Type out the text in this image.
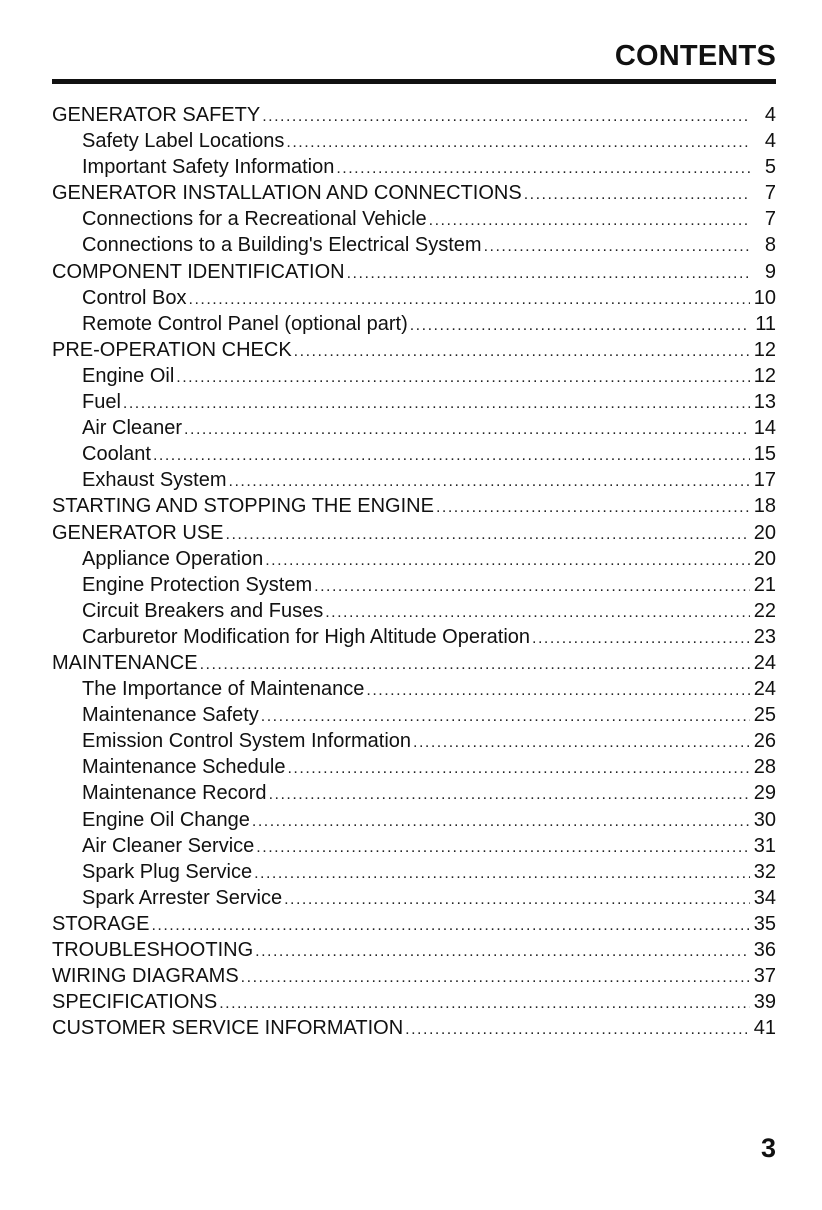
CONTENTS
GENERATOR SAFETY .....	4
Safety Label Locations .....	4
Important Safety Information .....	5
GENERATOR INSTALLATION AND CONNECTIONS .....	7
Connections for a Recreational Vehicle .....	7
Connections to a Building's Electrical System .....	8
COMPONENT IDENTIFICATION .....	9
Control Box .....	10
Remote Control Panel (optional part) .....	11
PRE-OPERATION CHECK .....	12
Engine Oil .....	12
Fuel .....	13
Air Cleaner .....	14
Coolant .....	15
Exhaust System .....	17
STARTING AND STOPPING THE ENGINE .....	18
GENERATOR USE .....	20
Appliance Operation .....	20
Engine Protection System .....	21
Circuit Breakers and Fuses .....	22
Carburetor Modification for High Altitude Operation .....	23
MAINTENANCE .....	24
The Importance of Maintenance .....	24
Maintenance Safety .....	25
Emission Control System Information .....	26
Maintenance Schedule .....	28
Maintenance Record .....	29
Engine Oil Change .....	30
Air Cleaner Service .....	31
Spark Plug Service .....	32
Spark Arrester Service .....	34
STORAGE .....	35
TROUBLESHOOTING .....	36
WIRING DIAGRAMS .....	37
SPECIFICATIONS .....	39
CUSTOMER SERVICE INFORMATION .....	41

3
